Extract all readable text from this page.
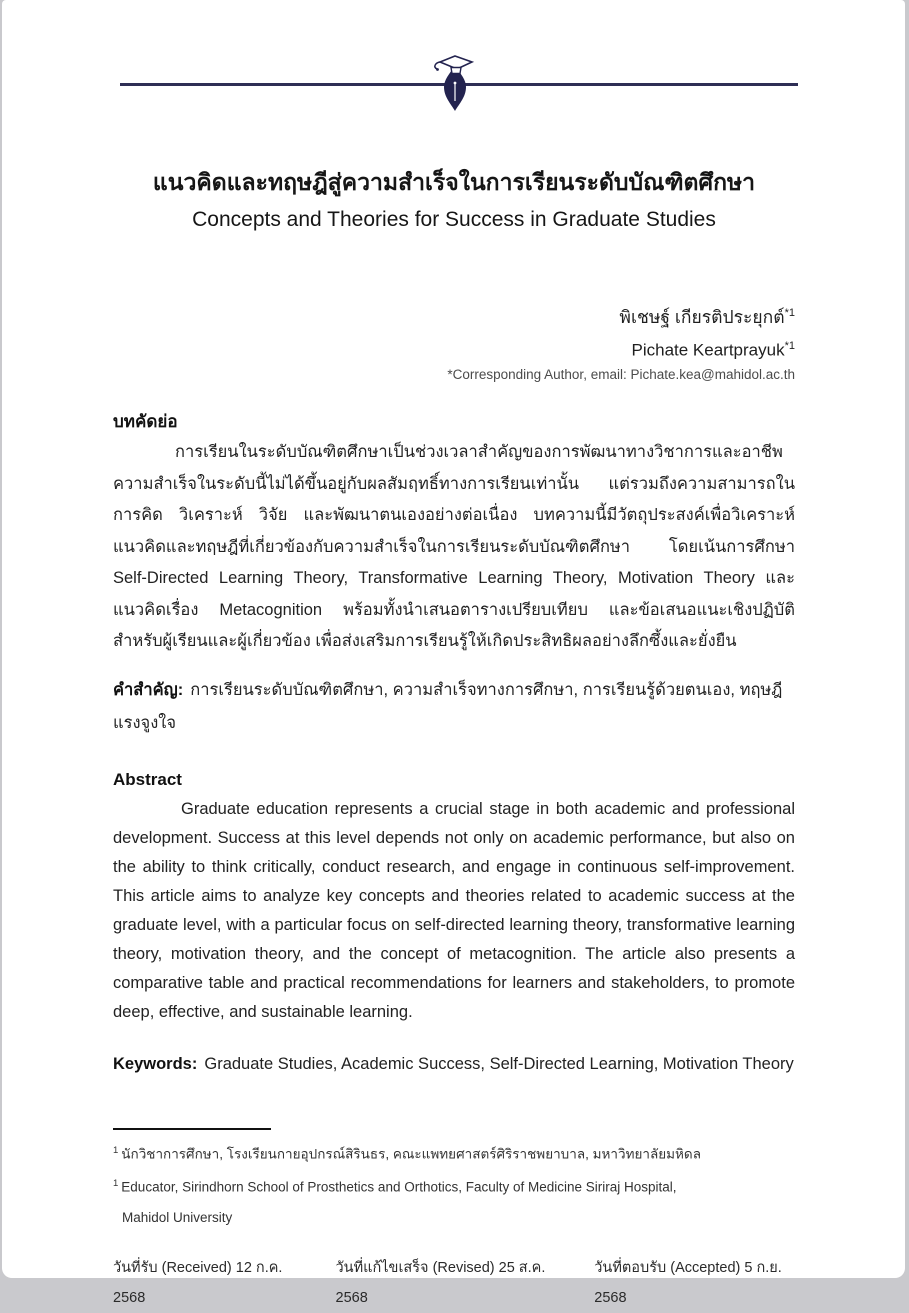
แนวคิดและทฤษฎีสู่ความสำเร็จในการเรียนระดับบัณฑิตศึกษา
Concepts and Theories for Success in Graduate Studies
พิเชษฐ์ เกียรติประยุกต์$^{*1}$
Pichate Keartprayuk$^{*1}$
*Corresponding Author, email: Pichate.kea@mahidol.ac.th
บทคัดย่อ

การเรียนในระดับบัณฑิตศึกษาเป็นช่วงเวลาสำคัญของการพัฒนาทางวิชาการและอาชีพ ความสำเร็จในระดับนี้ไม่ได้ขึ้นอยู่กับผลสัมฤทธิ์ทางการเรียนเท่านั้น แต่รวมถึงความสามารถในการคิด วิเคราะห์ วิจัย และพัฒนาตนเองอย่างต่อเนื่อง บทความนี้มีวัตถุประสงค์เพื่อวิเคราะห์แนวคิดและทฤษฎีที่เกี่ยวข้องกับความสำเร็จในการเรียนระดับบัณฑิตศึกษา โดยเน้นการศึกษา Self-Directed Learning Theory, Transformative Learning Theory, Motivation Theory และแนวคิดเรื่อง Metacognition พร้อมทั้งนำเสนอตารางเปรียบเทียบ และข้อเสนอแนะเชิงปฏิบัติสำหรับผู้เรียนและผู้เกี่ยวข้อง เพื่อส่งเสริมการเรียนรู้ให้เกิดประสิทธิผลอย่างลึกซึ้งและยั่งยืน

คำสำคัญ: การเรียนระดับบัณฑิตศึกษา, ความสำเร็จทางการศึกษา, การเรียนรู้ด้วยตนเอง, ทฤษฎีแรงจูงใจ
Abstract

Graduate education represents a crucial stage in both academic and professional development. Success at this level depends not only on academic performance, but also on the ability to think critically, conduct research, and engage in continuous self-improvement. This article aims to analyze key concepts and theories related to academic success at the graduate level, with a particular focus on self-directed learning theory, transformative learning theory, motivation theory, and the concept of metacognition. The article also presents a comparative table and practical recommendations for learners and stakeholders, to promote deep, effective, and sustainable learning.

Keywords: Graduate Studies, Academic Success, Self-Directed Learning, Motivation Theory
$^1$ นักวิชาการศึกษา, โรงเรียนกายอุปกรณ์สิรินธร, คณะแพทยศาสตร์ศิริราชพยาบาล, มหาวิทยาลัยมหิดล
$^1$ Educator, Sirindhorn School of Prosthetics and Orthotics, Faculty of Medicine Siriraj Hospital,
Mahidol University
วันที่รับ (Received) 12 ก.ค. 2568
วันที่แก้ไขเสร็จ (Revised) 25 ส.ค. 2568
วันที่ตอบรับ (Accepted) 5 ก.ย. 2568
